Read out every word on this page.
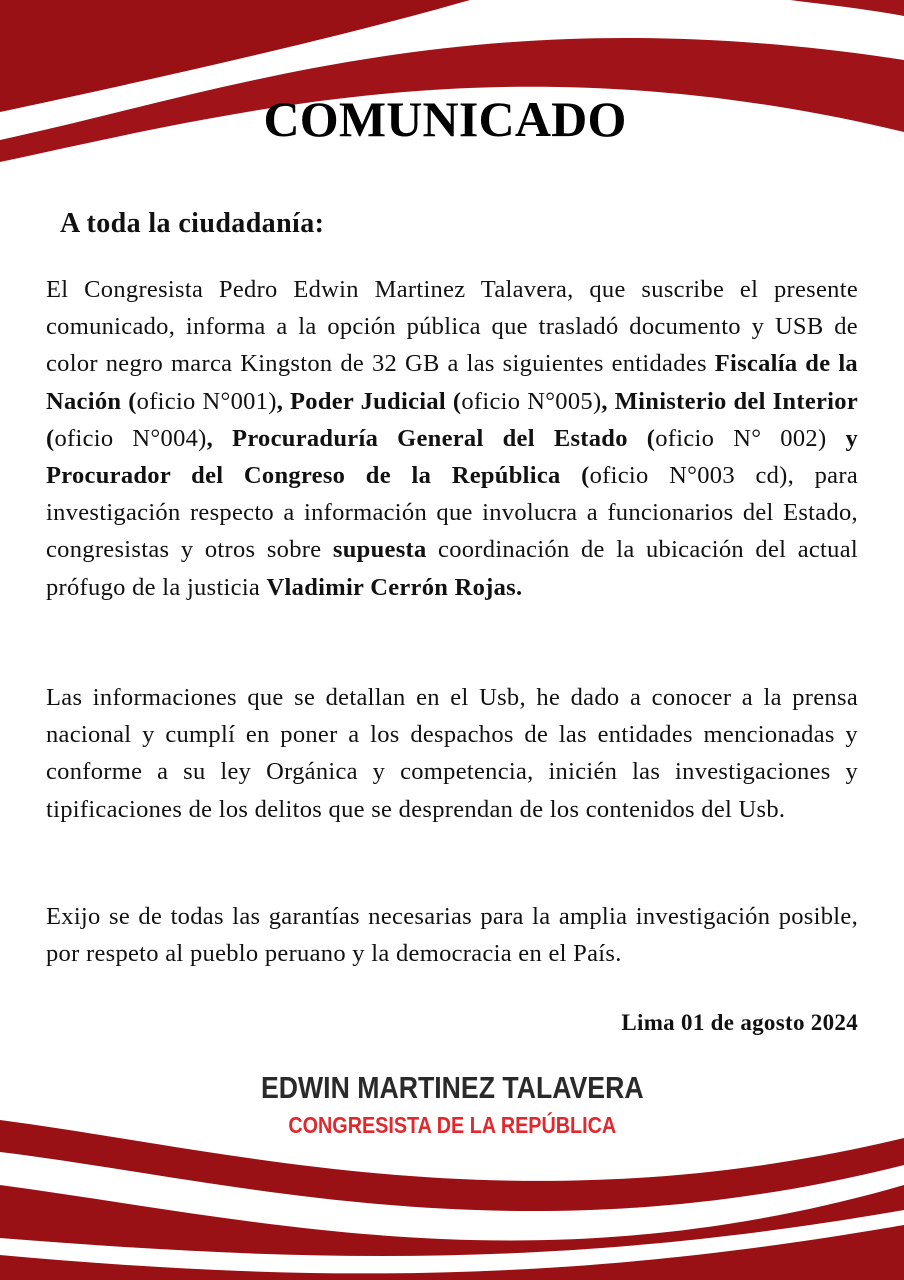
COMUNICADO

A toda la ciudadanía:

El Congresista Pedro Edwin Martinez Talavera, que suscribe el presente comunicado, informa a la opción pública que trasladó documento y USB de color negro marca Kingston de 32 GB a las siguientes entidades Fiscalía de la Nación (oficio N°001), Poder Judicial (oficio N°005), Ministerio del Interior (oficio N°004), Procuraduría General del Estado (oficio N° 002) y Procurador del Congreso de la República (oficio N°003 cd), para investigación respecto a información que involucra a funcionarios del Estado, congresistas y otros sobre supuesta coordinación de la ubicación del actual prófugo de la justicia Vladimir Cerrón Rojas.

Las informaciones que se detallan en el Usb, he dado a conocer a la prensa nacional y cumplí en poner a los despachos de las entidades mencionadas y conforme a su ley Orgánica y competencia, inicién las investigaciones y tipificaciones de los delitos que se desprendan de los contenidos del Usb.

Exijo se de todas las garantías necesarias para la amplia investigación posible, por respeto al pueblo peruano y la democracia en el País.

Lima 01 de agosto 2024

EDWIN MARTINEZ TALAVERA

CONGRESISTA DE LA REPÚBLICA
